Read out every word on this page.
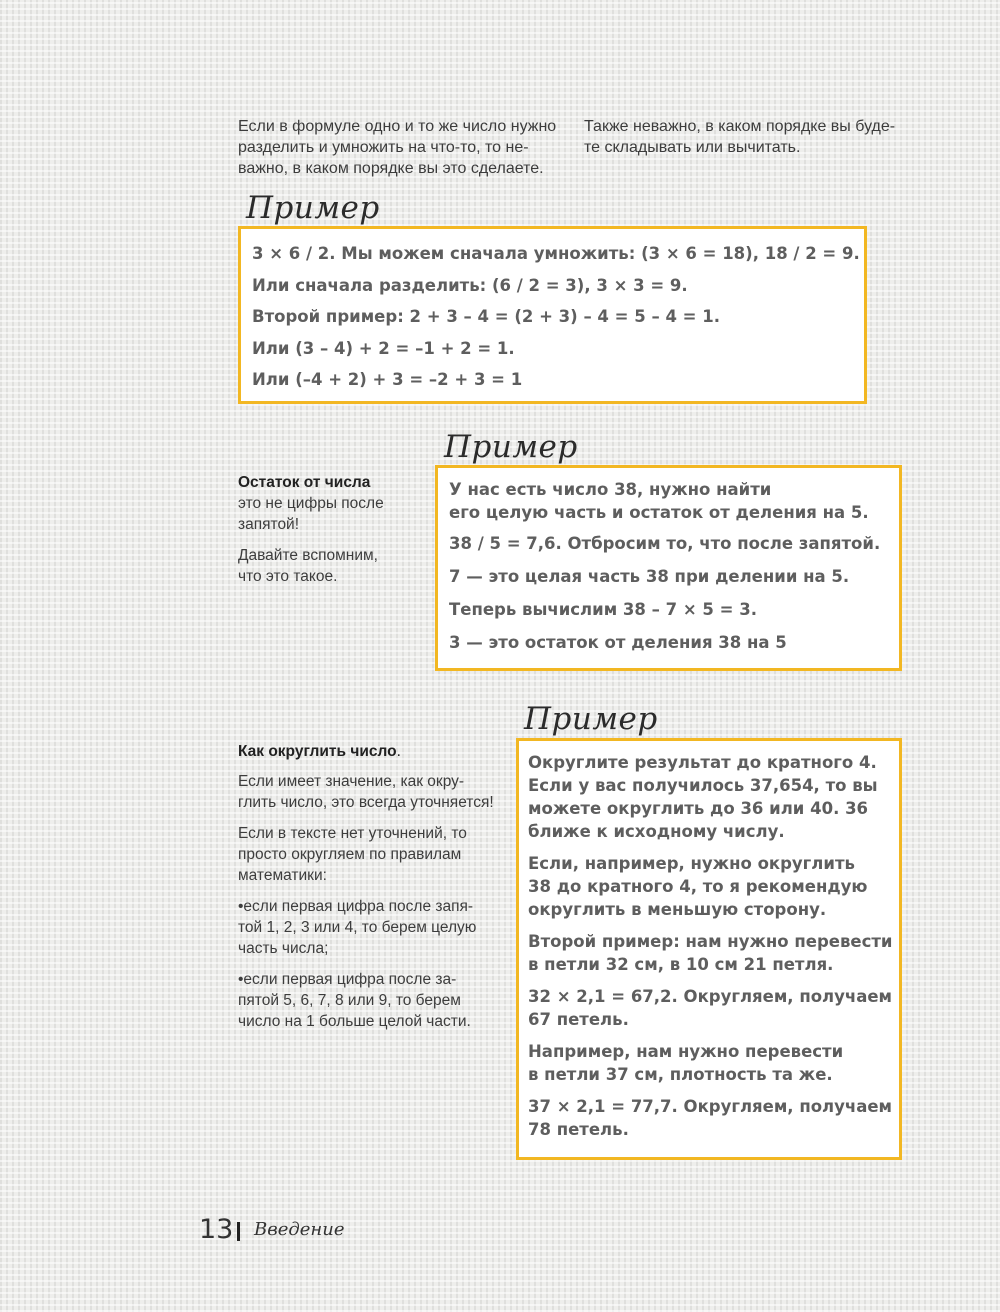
Если в формуле одно и то же число нужно

разделить и умножить на что-то, то не-

важно, в каком порядке вы это сделаете.

Также неважно, в каком порядке вы буде-

те складывать или вычитать.

3 × 6 / 2. Мы можем сначала умножить: (3 × 6 = 18), 18 / 2 = 9.

Или сначала разделить: (6 / 2 = 3), 3 × 3 = 9.

Второй пример: 2 + 3 – 4 = (2 + 3) – 4 = 5 – 4 = 1.

Или (3 – 4) + 2 = –1 + 2 = 1.

Или (–4 + 2) + 3 = –2 + 3 = 1

Пример

Остаток от числа

это не цифры после

запятой!

Давайте вспомним,

что это такое.

У нас есть число 38, нужно найти
его целую часть и остаток от деления на 5.

38 / 5 = 7,6. Отбросим то, что после запятой.

7 — это целая часть 38 при делении на 5.

Теперь вычислим 38 – 7 × 5 = 3.

3 — это остаток от деления 38 на 5

Пример

Как округлить число.

Если имеет значение, как окру-

глить число, это всегда уточняется!

Если в тексте нет уточнений, то

просто округляем по правилам

математики:

•если первая цифра после запя-

той 1, 2, 3 или 4, то берем целую

часть числа;

•если первая цифра после за-

пятой 5, 6, 7, 8 или 9, то берем

число на 1 больше целой части.

Округлите результат до кратного 4.
Если у вас получилось 37,654, то вы
можете округлить до 36 или 40. 36
ближе к исходному числу.

Если, например, нужно округлить
38 до кратного 4, то я рекомендую
округлить в меньшую сторону.

Второй пример: нам нужно перевести
в петли 32 см, в 10 см 21 петля.

32 × 2,1 = 67,2. Округляем, получаем
67 петель.

Например, нам нужно перевести
в петли 37 см, плотность та же.

37 × 2,1 = 77,7. Округляем, получаем
78 петель.

Пример
13 Введение
